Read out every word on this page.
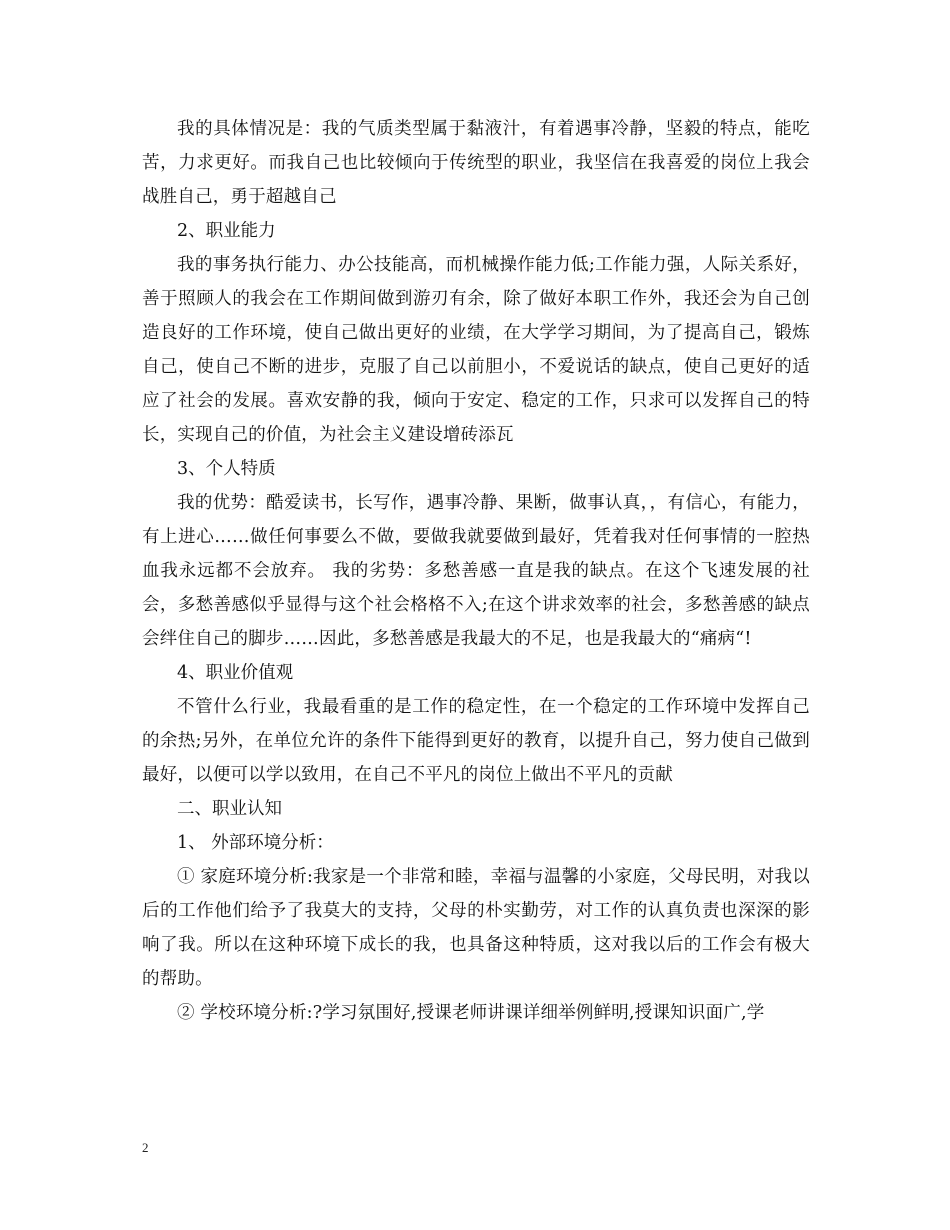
我的具体情况是：我的气质类型属于黏液汁，有着遇事冷静，坚毅的特点，能吃苦，力求更好。而我自己也比较倾向于传统型的职业，我坚信在我喜爱的岗位上我会战胜自己，勇于超越自己

2、职业能力

我的事务执行能力、办公技能高，而机械操作能力低;工作能力强，人际关系好，善于照顾人的我会在工作期间做到游刃有余，除了做好本职工作外，我还会为自己创造良好的工作环境，使自己做出更好的业绩，在大学学习期间，为了提高自己，锻炼自己，使自己不断的进步，克服了自己以前胆小，不爱说话的缺点，使自己更好的适应了社会的发展。喜欢安静的我，倾向于安定、稳定的工作，只求可以发挥自己的特长，实现自己的价值，为社会主义建设增砖添瓦

3、个人特质

我的优势：酷爱读书，长写作，遇事冷静、果断，做事认真，，有信心，有能力，有上进心……做任何事要么不做，要做我就要做到最好，凭着我对任何事情的一腔热血我永远都不会放弃。 我的劣势：多愁善感一直是我的缺点。在这个飞速发展的社会，多愁善感似乎显得与这个社会格格不入;在这个讲求效率的社会，多愁善感的缺点会绊住自己的脚步……因此，多愁善感是我最大的不足，也是我最大的“痛病“!

4、职业价值观

不管什么行业，我最看重的是工作的稳定性，在一个稳定的工作环境中发挥自己的余热;另外，在单位允许的条件下能得到更好的教育，以提升自己，努力使自己做到最好，以便可以学以致用，在自己不平凡的岗位上做出不平凡的贡献

二、职业认知

1、 外部环境分析：

① 家庭环境分析:我家是一个非常和睦，幸福与温馨的小家庭，父母民明，对我以后的工作他们给予了我莫大的支持，父母的朴实勤劳，对工作的认真负责也深深的影响了我。所以在这种环境下成长的我，也具备这种特质，这对我以后的工作会有极大的帮助。

② 学校环境分析:?学习氛围好,授课老师讲课详细举例鲜明,授课知识面广,学

2
